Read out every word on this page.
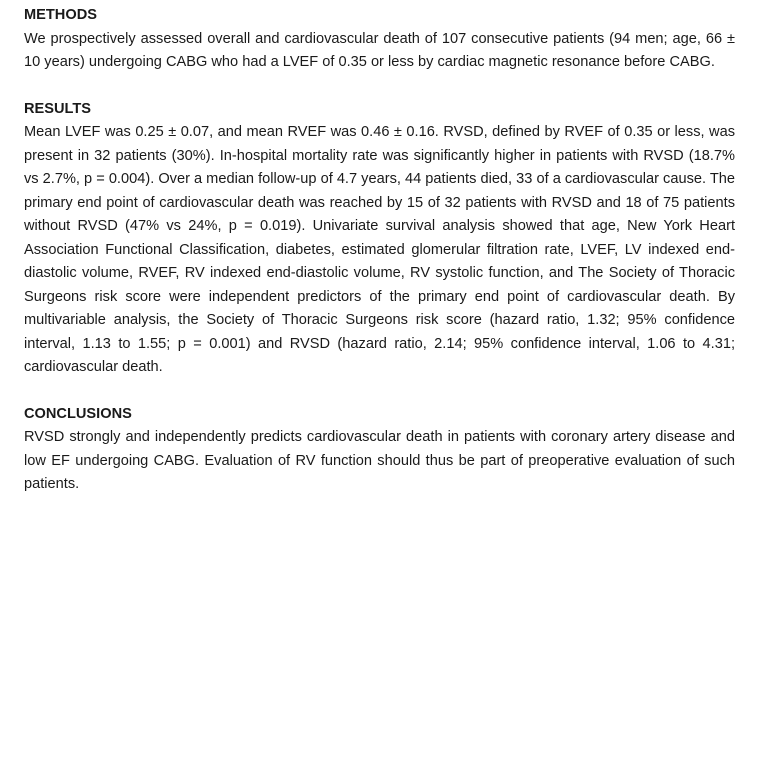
METHODS

We prospectively assessed overall and cardiovascular death of 107 consecutive patients (94 men; age, 66 ± 10 years) undergoing CABG who had a LVEF of 0.35 or less by cardiac magnetic resonance before CABG.

RESULTS

Mean LVEF was 0.25 ± 0.07, and mean RVEF was 0.46 ± 0.16. RVSD, defined by RVEF of 0.35 or less, was present in 32 patients (30%). In-hospital mortality rate was significantly higher in patients with RVSD (18.7% vs 2.7%, p = 0.004). Over a median follow-up of 4.7 years, 44 patients died, 33 of a cardiovascular cause. The primary end point of cardiovascular death was reached by 15 of 32 patients with RVSD and 18 of 75 patients without RVSD (47% vs 24%, p = 0.019). Univariate survival analysis showed that age, New York Heart Association Functional Classification, diabetes, estimated glomerular filtration rate, LVEF, LV indexed end-diastolic volume, RVEF, RV indexed end-diastolic volume, RV systolic function, and The Society of Thoracic Surgeons risk score were independent predictors of the primary end point of cardiovascular death. By multivariable analysis, the Society of Thoracic Surgeons risk score (hazard ratio, 1.32; 95% confidence interval, 1.13 to 1.55; p = 0.001) and RVSD (hazard ratio, 2.14; 95% confidence interval, 1.06 to 4.31; cardiovascular death.

CONCLUSIONS

RVSD strongly and independently predicts cardiovascular death in patients with coronary artery disease and low EF undergoing CABG. Evaluation of RV function should thus be part of preoperative evaluation of such patients.
